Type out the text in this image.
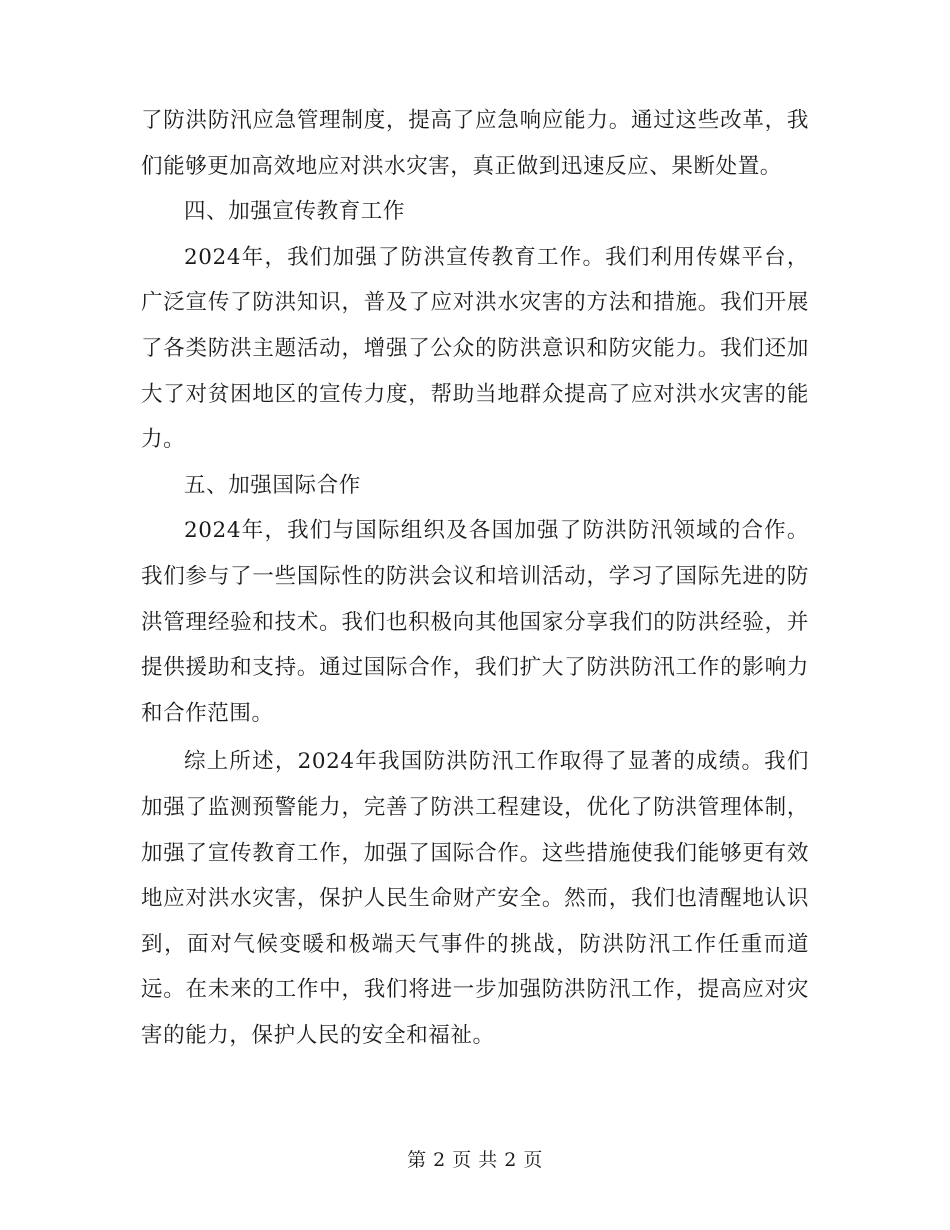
了防洪防汛应急管理制度，提高了应急响应能力。通过这些改革，我们能够更加高效地应对洪水灾害，真正做到迅速反应、果断处置。

四、加强宣传教育工作

2024年，我们加强了防洪宣传教育工作。我们利用传媒平台，广泛宣传了防洪知识，普及了应对洪水灾害的方法和措施。我们开展了各类防洪主题活动，增强了公众的防洪意识和防灾能力。我们还加大了对贫困地区的宣传力度，帮助当地群众提高了应对洪水灾害的能力。

五、加强国际合作

2024年，我们与国际组织及各国加强了防洪防汛领域的合作。我们参与了一些国际性的防洪会议和培训活动，学习了国际先进的防洪管理经验和技术。我们也积极向其他国家分享我们的防洪经验，并提供援助和支持。通过国际合作，我们扩大了防洪防汛工作的影响力和合作范围。

综上所述，2024年我国防洪防汛工作取得了显著的成绩。我们加强了监测预警能力，完善了防洪工程建设，优化了防洪管理体制，加强了宣传教育工作，加强了国际合作。这些措施使我们能够更有效地应对洪水灾害，保护人民生命财产安全。然而，我们也清醒地认识到，面对气候变暖和极端天气事件的挑战，防洪防汛工作任重而道远。在未来的工作中，我们将进一步加强防洪防汛工作，提高应对灾害的能力，保护人民的安全和福祉。

第 2 页 共 2 页
